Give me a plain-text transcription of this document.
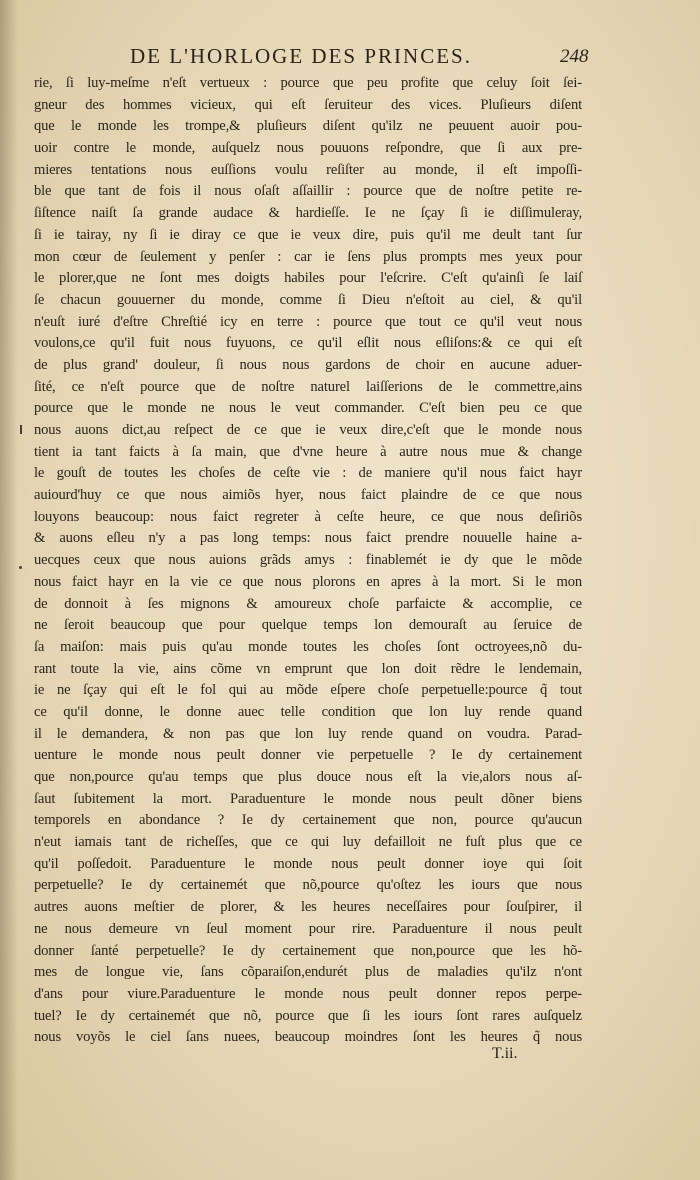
DE L'HORLOGE DES PRINCES.	248
rie, ſi luy-meſme n'eſt vertueux : pource que peu profite que celuy ſoit ſei-
gneur des hommes vicieux, qui eſt ſeruiteur des vices. Pluſieurs diſent
que le monde les trompe,& pluſieurs diſent qu'ilz ne peuuent auoir pou-
uoir contre le monde, auſquelz nous pouuons reſpondre, que ſi aux pre-
mieres tentations nous euſſions voulu reſiſter au monde, il eſt impoſſi-
ble que tant de fois il nous oſaſt aſſaillir : pource que de noſtre petite re-
ſiſtence naiſt ſa grande audace & hardieſſe. Ie ne ſçay ſi ie diſſimuleray,
ſi ie tairay, ny ſi ie diray ce que ie veux dire, puis qu'il me deult tant ſur
mon cœur de ſeulement y penſer : car ie ſens plus prompts mes yeux pour
le plorer,que ne ſont mes doigts habiles pour l'eſcrire. C'eſt qu'ainſi ſe laiſ
ſe chacun gouuerner du monde, comme ſi Dieu n'eſtoit au ciel, & qu'il
n'euſt iuré d'eſtre Chreſtié icy en terre : pource que tout ce qu'il veut nous
voulons,ce qu'il fuit nous fuyuons, ce qu'il eſlit nous eſliſons:& ce qui eſt
de plus grand' douleur, ſi nous nous gardons de choir en aucune aduer-
ſité, ce n'eſt pource que de noſtre naturel laiſſerions de le commettre,ains
pource que le monde ne nous le veut commander. C'eſt bien peu ce que
nous auons dict,au reſpect de ce que ie veux dire,c'eſt que le monde nous
tient ia tant faicts à ſa main, que d'vne heure à autre nous mue & change
le gouſt de toutes les choſes de ceſte vie : de maniere qu'il nous faict hayr
auiourd'huy ce que nous aimiõs hyer, nous faict plaindre de ce que nous
louyons beaucoup: nous faict regreter à ceſte heure, ce que nous deſiriõs
& auons eſleu n'y a pas long temps: nous faict prendre nouuelle haine a-
uecques ceux que nous auions grãds amys : finablemét ie dy que le mõde
nous faict hayr en la vie ce que nous plorons en apres à la mort. Si le mon
de donnoit à ſes mignons & amoureux choſe parfaicte & accomplie, ce
ne ſeroit beaucoup que pour quelque temps lon demouraſt au ſeruice de
ſa maiſon: mais puis qu'au monde toutes les choſes ſont octroyees,nõ du-
rant toute la vie, ains cõme vn emprunt que lon doit rẽdre le lendemain,
ie ne ſçay qui eſt le fol qui au mõde eſpere choſe perpetuelle:pource q̃ tout
ce qu'il donne, le donne auec telle condition que lon luy rende quand
il le demandera, & non pas que lon luy rende quand on voudra. Parad-
uenture le monde nous peult donner vie perpetuelle ? Ie dy certainement
que non,pource qu'au temps que plus douce nous eſt la vie,alors nous aſ-
ſaut ſubitement la mort. Paraduenture le monde nous peult dõner biens
temporels en abondance ? Ie dy certainement que non, pource qu'aucun
n'eut iamais tant de richeſſes, que ce qui luy defailloit ne fuſt plus que ce
qu'il poſſedoit. Paraduenture le monde nous peult donner ioye qui ſoit
perpetuelle? Ie dy certainemét que nõ,pource qu'oſtez les iours que nous
autres auons meſtier de plorer, & les heures neceſſaires pour ſouſpirer, il
ne nous demeure vn ſeul moment pour rire. Paraduenture il nous peult
donner ſanté perpetuelle? Ie dy certainement que non,pource que les hõ-
mes de longue vie, ſans cõparaiſon,endurét plus de maladies qu'ilz n'ont
d'ans pour viure.Paraduenture le monde nous peult donner repos perpe-
tuel? Ie dy certainemét que nõ, pource que ſi les iours ſont rares auſquelz
nous voyõs le ciel ſans nuees, beaucoup moindres ſont les heures q̃ nous
T.ii.
